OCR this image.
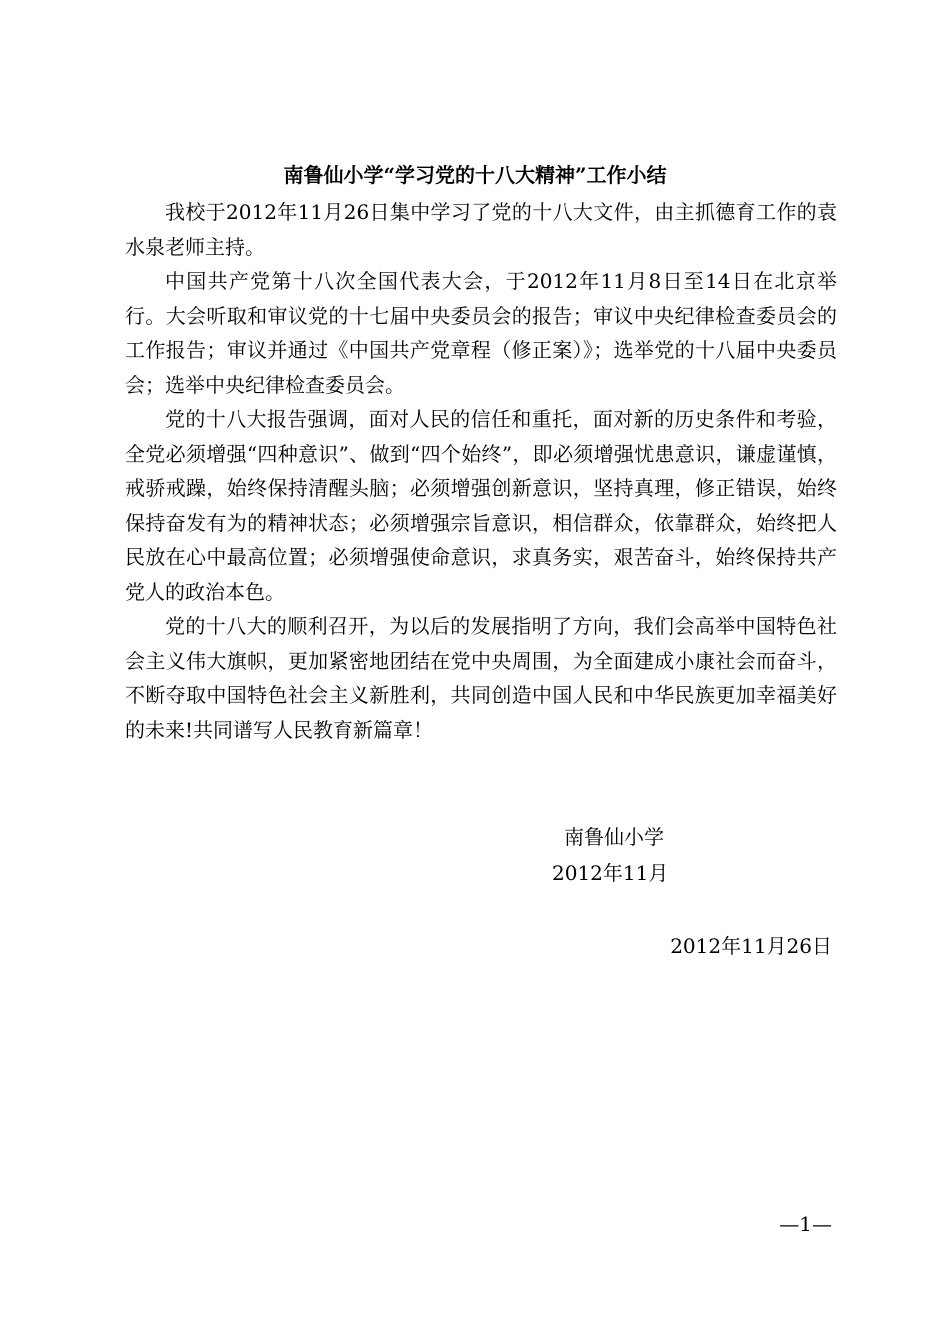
南鲁仙小学“学习党的十八大精神”工作小结

我校于2012年11月26日集中学习了党的十八大文件，由主抓德育工作的袁水泉老师主持。

中国共产党第十八次全国代表大会，于2012年11月8日至14日在北京举行。大会听取和审议党的十七届中央委员会的报告；审议中央纪律检查委员会的工作报告；审议并通过《中国共产党章程（修正案）》；选举党的十八届中央委员会；选举中央纪律检查委员会。

党的十八大报告强调，面对人民的信任和重托，面对新的历史条件和考验，全党必须增强“四种意识”、做到“四个始终”，即必须增强忧患意识，谦虚谨慎，戒骄戒躁，始终保持清醒头脑；必须增强创新意识，坚持真理，修正错误，始终保持奋发有为的精神状态；必须增强宗旨意识，相信群众，依靠群众，始终把人民放在心中最高位置；必须增强使命意识，求真务实，艰苦奋斗，始终保持共产党人的政治本色。

党的十八大的顺利召开，为以后的发展指明了方向，我们会高举中国特色社会主义伟大旗帜，更加紧密地团结在党中央周围，为全面建成小康社会而奋斗，不断夺取中国特色社会主义新胜利，共同创造中国人民和中华民族更加幸福美好的未来!共同谱写人民教育新篇章！

南鲁仙小学
2012年11月
2012年11月26日
—1—
